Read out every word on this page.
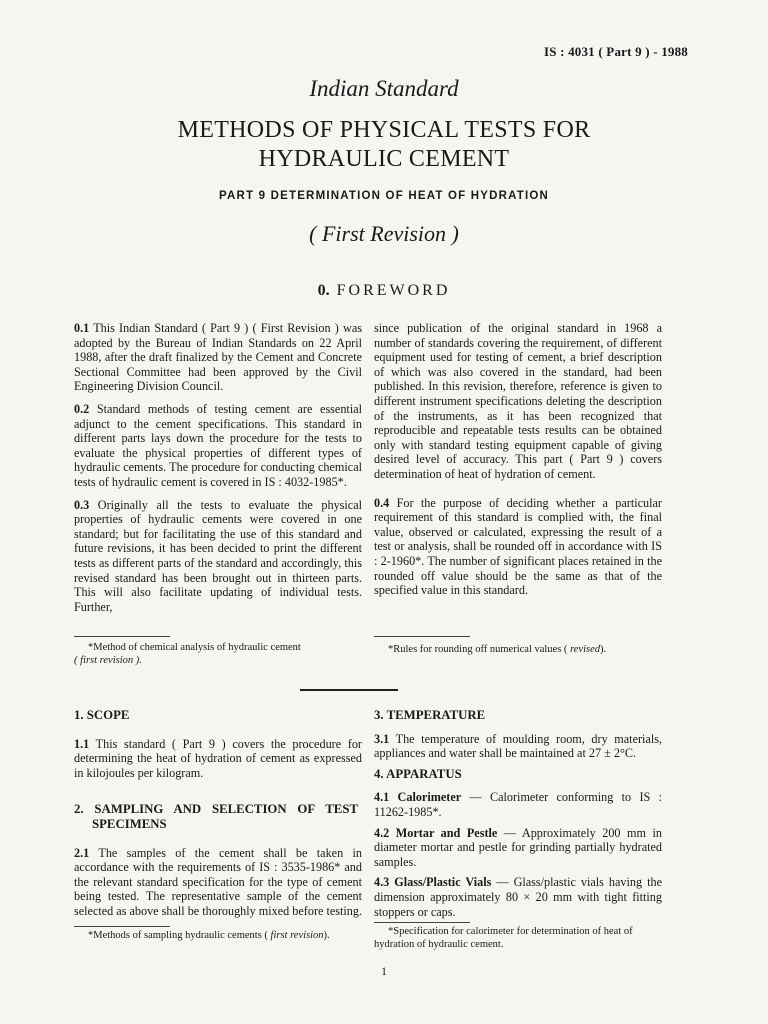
IS : 4031 ( Part 9 ) - 1988
Indian Standard
METHODS OF PHYSICAL TESTS FOR
HYDRAULIC CEMENT
PART 9 DETERMINATION OF HEAT OF HYDRATION
( First Revision )
0. FOREWORD

0.1 This Indian Standard ( Part 9 ) ( First Revision ) was adopted by the Bureau of Indian Standards on 22 April 1988, after the draft finalized by the Cement and Concrete Sectional Committee had been approved by the Civil Engineering Division Council.

0.2 Standard methods of testing cement are essential adjunct to the cement specifications. This standard in different parts lays down the procedure for the tests to evaluate the physical properties of different types of hydraulic cements. The procedure for conducting chemical tests of hydraulic cement is covered in IS : 4032-1985*.

0.3 Originally all the tests to evaluate the physical properties of hydraulic cements were covered in one standard; but for facilitating the use of this standard and future revisions, it has been decided to print the different tests as different parts of the standard and accordingly, this revised standard has been brought out in thirteen parts. This will also facilitate updating of individual tests. Further,

since publication of the original standard in 1968 a number of standards covering the requirement, of different equipment used for testing of cement, a brief description of which was also covered in the standard, had been published. In this revision, therefore, reference is given to different instrument specifications deleting the description of the instruments, as it has been recognized that reproducible and repeatable tests results can be obtained only with standard testing equipment capable of giving desired level of accuracy. This part ( Part 9 ) covers determination of heat of hydration of cement.

0.4 For the purpose of deciding whether a particular requirement of this standard is complied with, the final value, observed or calculated, expressing the result of a test or analysis, shall be rounded off in accordance with IS : 2-1960*. The number of significant places retained in the rounded off value should be the same as that of the specified value in this standard.

*Method of chemical analysis of hydraulic cement
( first revision ).
*Rules for rounding off numerical values ( revised).
1. SCOPE

1.1 This standard ( Part 9 ) covers the procedure for determining the heat of hydration of cement as expressed in kilojoules per kilogram.

2. SAMPLING AND SELECTION OF TEST SPECIMENS

2.1 The samples of the cement shall be taken in accordance with the requirements of IS : 3535-1986* and the relevant standard specification for the type of cement being tested. The representative sample of the cement selected as above shall be thoroughly mixed before testing.

3. TEMPERATURE

3.1 The temperature of moulding room, dry materials, appliances and water shall be maintained at 27 ± 2°C.

4. APPARATUS

4.1 Calorimeter — Calorimeter conforming to IS : 11262-1985*.

4.2 Mortar and Pestle — Approximately 200 mm in diameter mortar and pestle for grinding partially hydrated samples.

4.3 Glass/Plastic Vials — Glass/plastic vials having the dimension approximately 80 × 20 mm with tight fitting stoppers or caps.

*Methods of sampling hydraulic cements ( first revision).	*Specification for calorimeter for determination of heat of hydration of hydraulic cement.
1
